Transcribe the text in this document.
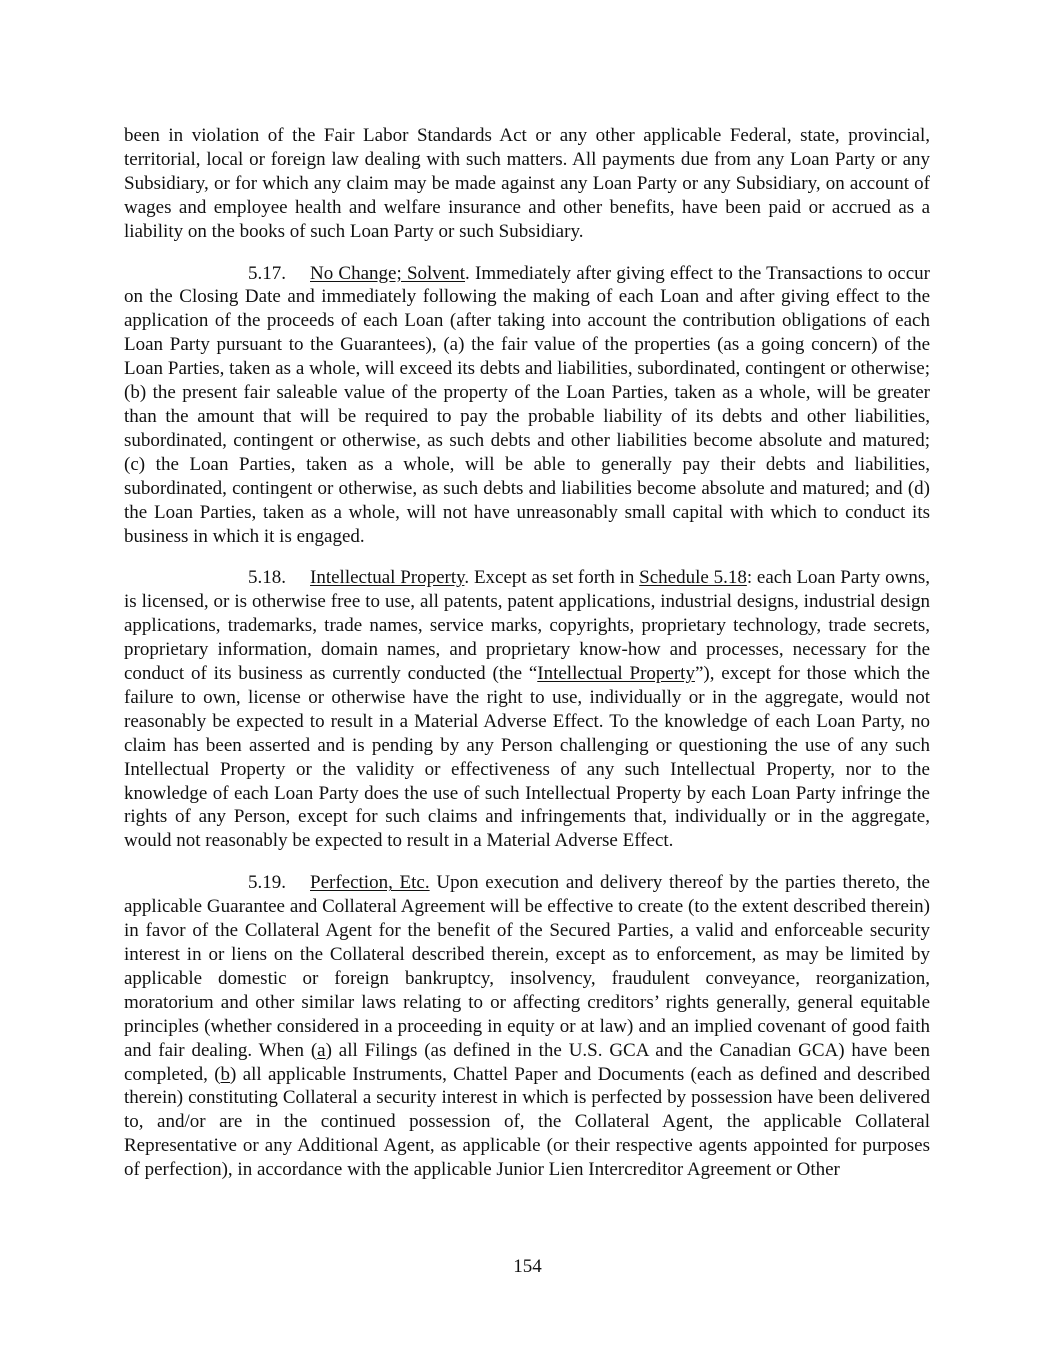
been in violation of the Fair Labor Standards Act or any other applicable Federal, state, provincial, territorial, local or foreign law dealing with such matters. All payments due from any Loan Party or any Subsidiary, or for which any claim may be made against any Loan Party or any Subsidiary, on account of wages and employee health and welfare insurance and other benefits, have been paid or accrued as a liability on the books of such Loan Party or such Subsidiary.

5.17. No Change; Solvent. Immediately after giving effect to the Transactions to occur on the Closing Date and immediately following the making of each Loan and after giving effect to the application of the proceeds of each Loan (after taking into account the contribution obligations of each Loan Party pursuant to the Guarantees), (a) the fair value of the properties (as a going concern) of the Loan Parties, taken as a whole, will exceed its debts and liabilities, subordinated, contingent or otherwise; (b) the present fair saleable value of the property of the Loan Parties, taken as a whole, will be greater than the amount that will be required to pay the probable liability of its debts and other liabilities, subordinated, contingent or otherwise, as such debts and other liabilities become absolute and matured; (c) the Loan Parties, taken as a whole, will be able to generally pay their debts and liabilities, subordinated, contingent or otherwise, as such debts and liabilities become absolute and matured; and (d) the Loan Parties, taken as a whole, will not have unreasonably small capital with which to conduct its business in which it is engaged.

5.18. Intellectual Property. Except as set forth in Schedule 5.18: each Loan Party owns, is licensed, or is otherwise free to use, all patents, patent applications, industrial designs, industrial design applications, trademarks, trade names, service marks, copyrights, proprietary technology, trade secrets, proprietary information, domain names, and proprietary know-how and processes, necessary for the conduct of its business as currently conducted (the “Intellectual Property”), except for those which the failure to own, license or otherwise have the right to use, individually or in the aggregate, would not reasonably be expected to result in a Material Adverse Effect. To the knowledge of each Loan Party, no claim has been asserted and is pending by any Person challenging or questioning the use of any such Intellectual Property or the validity or effectiveness of any such Intellectual Property, nor to the knowledge of each Loan Party does the use of such Intellectual Property by each Loan Party infringe the rights of any Person, except for such claims and infringements that, individually or in the aggregate, would not reasonably be expected to result in a Material Adverse Effect.

5.19. Perfection, Etc. Upon execution and delivery thereof by the parties thereto, the applicable Guarantee and Collateral Agreement will be effective to create (to the extent described therein) in favor of the Collateral Agent for the benefit of the Secured Parties, a valid and enforceable security interest in or liens on the Collateral described therein, except as to enforcement, as may be limited by applicable domestic or foreign bankruptcy, insolvency, fraudulent conveyance, reorganization, moratorium and other similar laws relating to or affecting creditors’ rights generally, general equitable principles (whether considered in a proceeding in equity or at law) and an implied covenant of good faith and fair dealing. When (a) all Filings (as defined in the U.S. GCA and the Canadian GCA) have been completed, (b) all applicable Instruments, Chattel Paper and Documents (each as defined and described therein) constituting Collateral a security interest in which is perfected by possession have been delivered to, and/or are in the continued possession of, the Collateral Agent, the applicable Collateral Representative or any Additional Agent, as applicable (or their respective agents appointed for purposes of perfection), in accordance with the applicable Junior Lien Intercreditor Agreement or Other

154
